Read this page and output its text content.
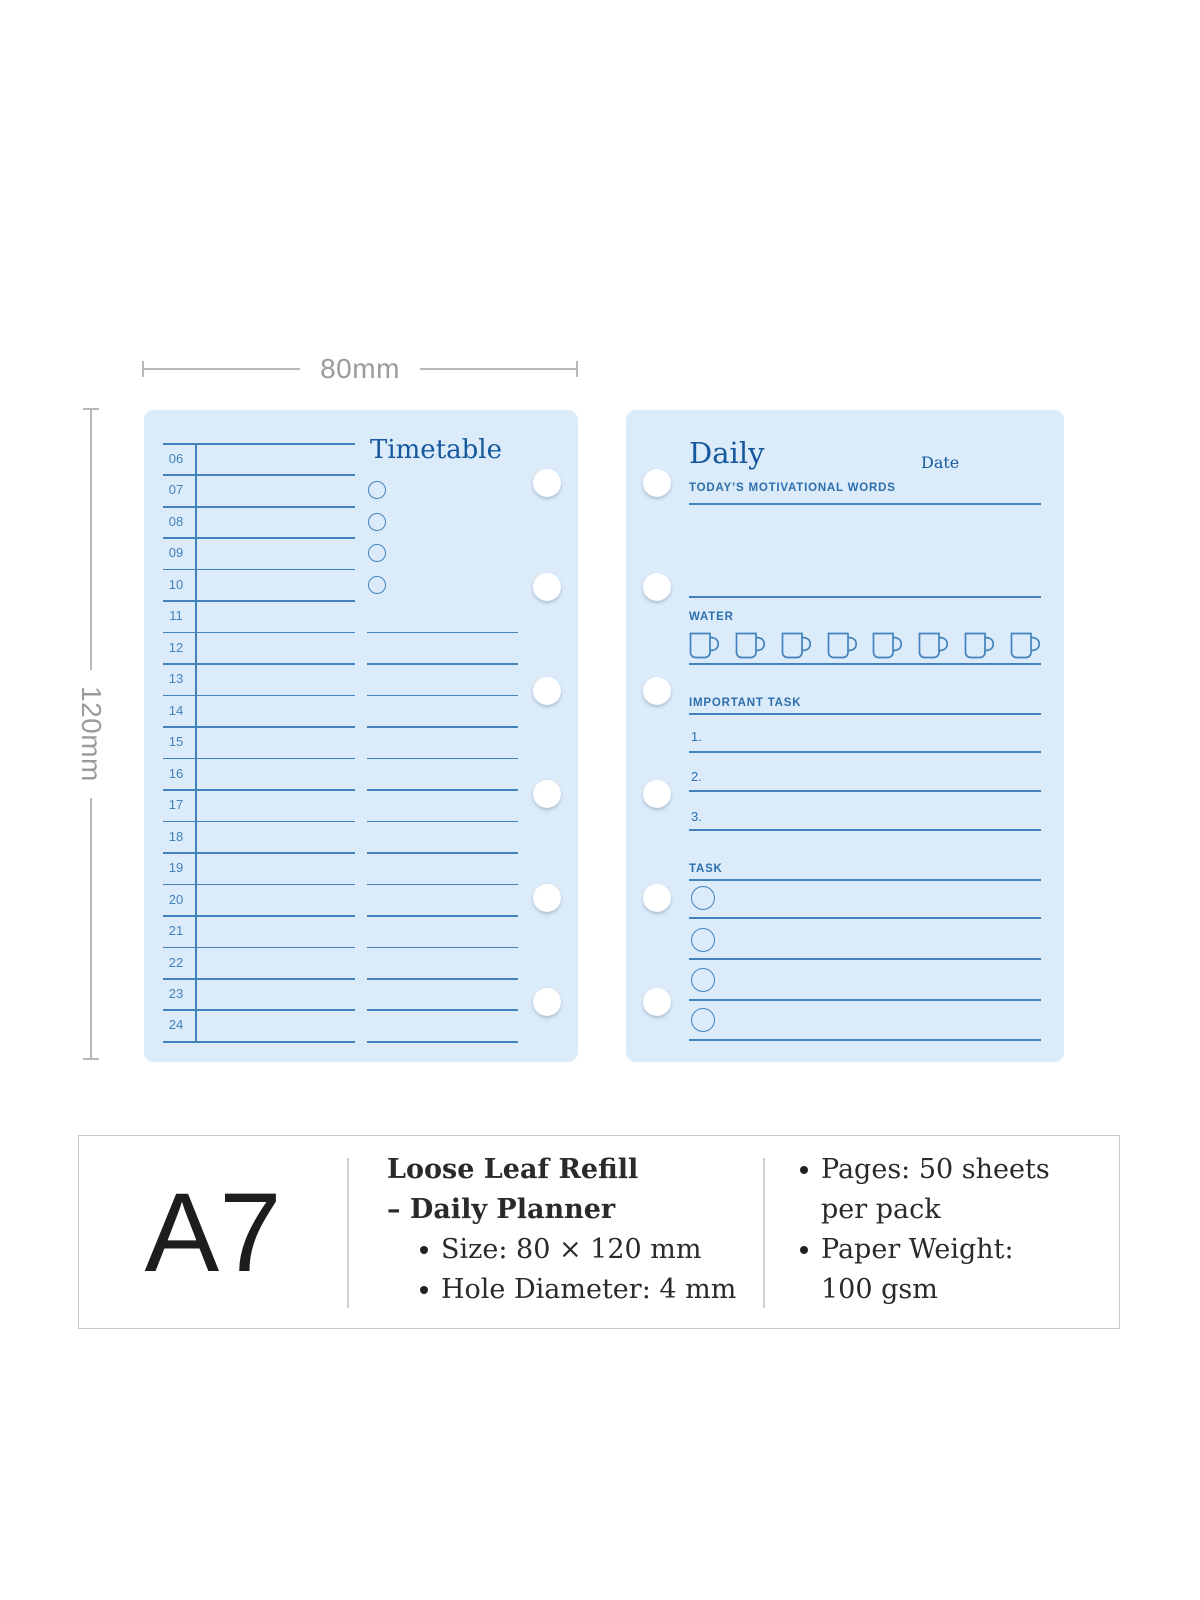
80mm
120mm
Timetable
06
07
08
09
10
11
12
13
14
15
16
17
18
19
20
21
22
23
24
Daily	Date
TODAY’S MOTIVATIONAL WORDS
WATER
IMPORTANT TASK
TASK
1.
2.
3.
A7	Loose Leaf Refill
– Daily Planner
Size: 80 × 120 mm
Hole Diameter: 4 mm
Pages: 50 sheets per pack
Paper Weight: 100 gsm
